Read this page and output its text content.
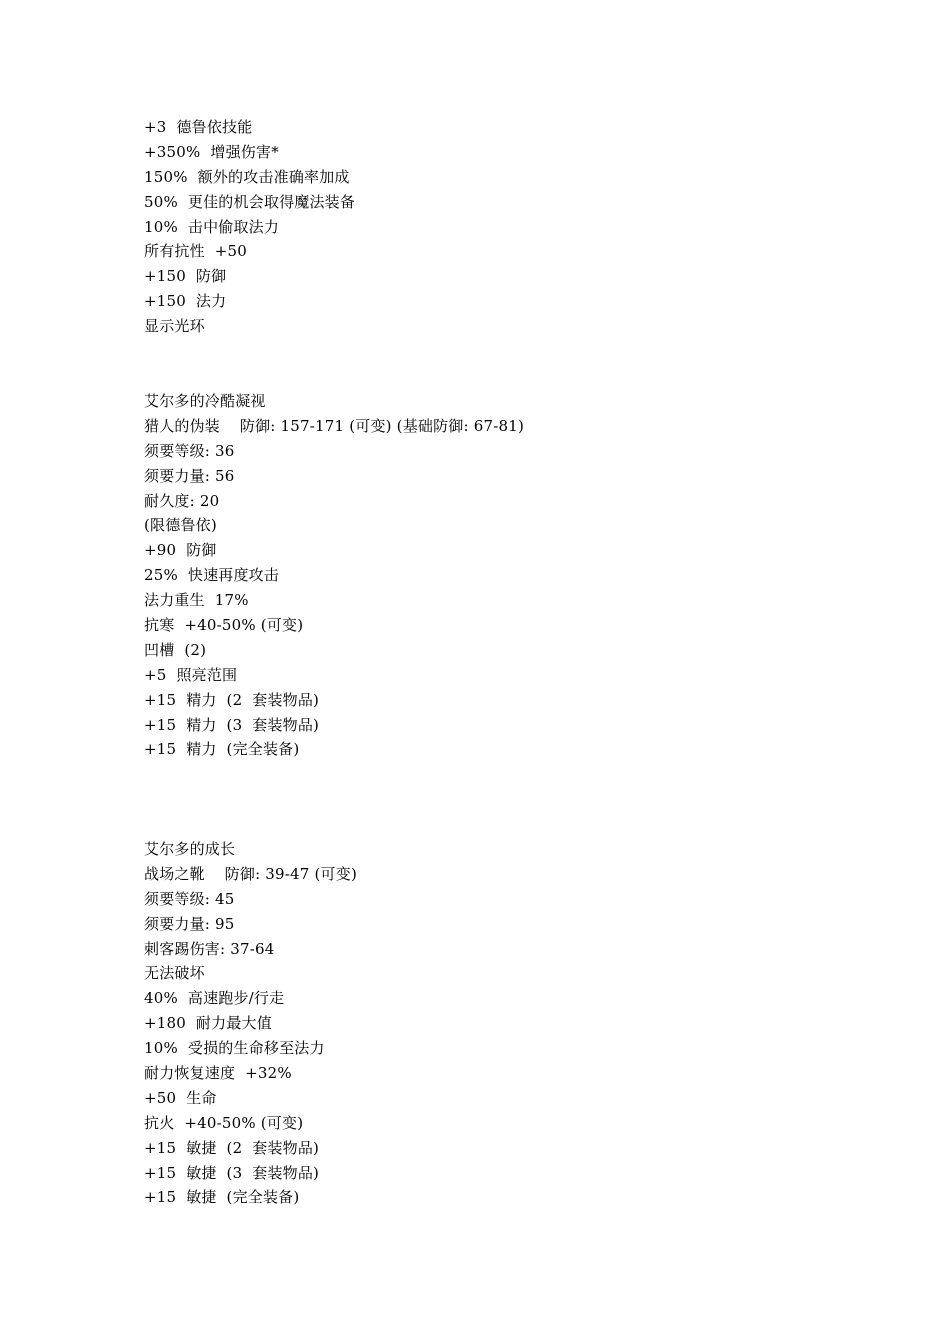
+3  德鲁依技能
+350%  增强伤害*
150%  额外的攻击准确率加成
50%  更佳的机会取得魔法装备
10%  击中偷取法力
所有抗性  +50
+150  防御
+150  法力
显示光环
艾尔多的冷酷凝视
猎人的伪装    防御: 157-171 (可变) (基础防御: 67-81)
须要等级: 36
须要力量: 56
耐久度: 20
(限德鲁依)
+90  防御
25%  快速再度攻击
法力重生  17%
抗寒  +40-50% (可变)
凹槽  (2)
+5  照亮范围
+15  精力  (2  套装物品)
+15  精力  (3  套装物品)
+15  精力  (完全装备)
艾尔多的成长
战场之靴    防御: 39-47 (可变)
须要等级: 45
须要力量: 95
刺客踢伤害: 37-64
无法破坏
40%  高速跑步/行走
+180  耐力最大值
10%  受损的生命移至法力
耐力恢复速度  +32%
+50  生命
抗火  +40-50% (可变)
+15  敏捷  (2  套装物品)
+15  敏捷  (3  套装物品)
+15  敏捷  (完全装备)
